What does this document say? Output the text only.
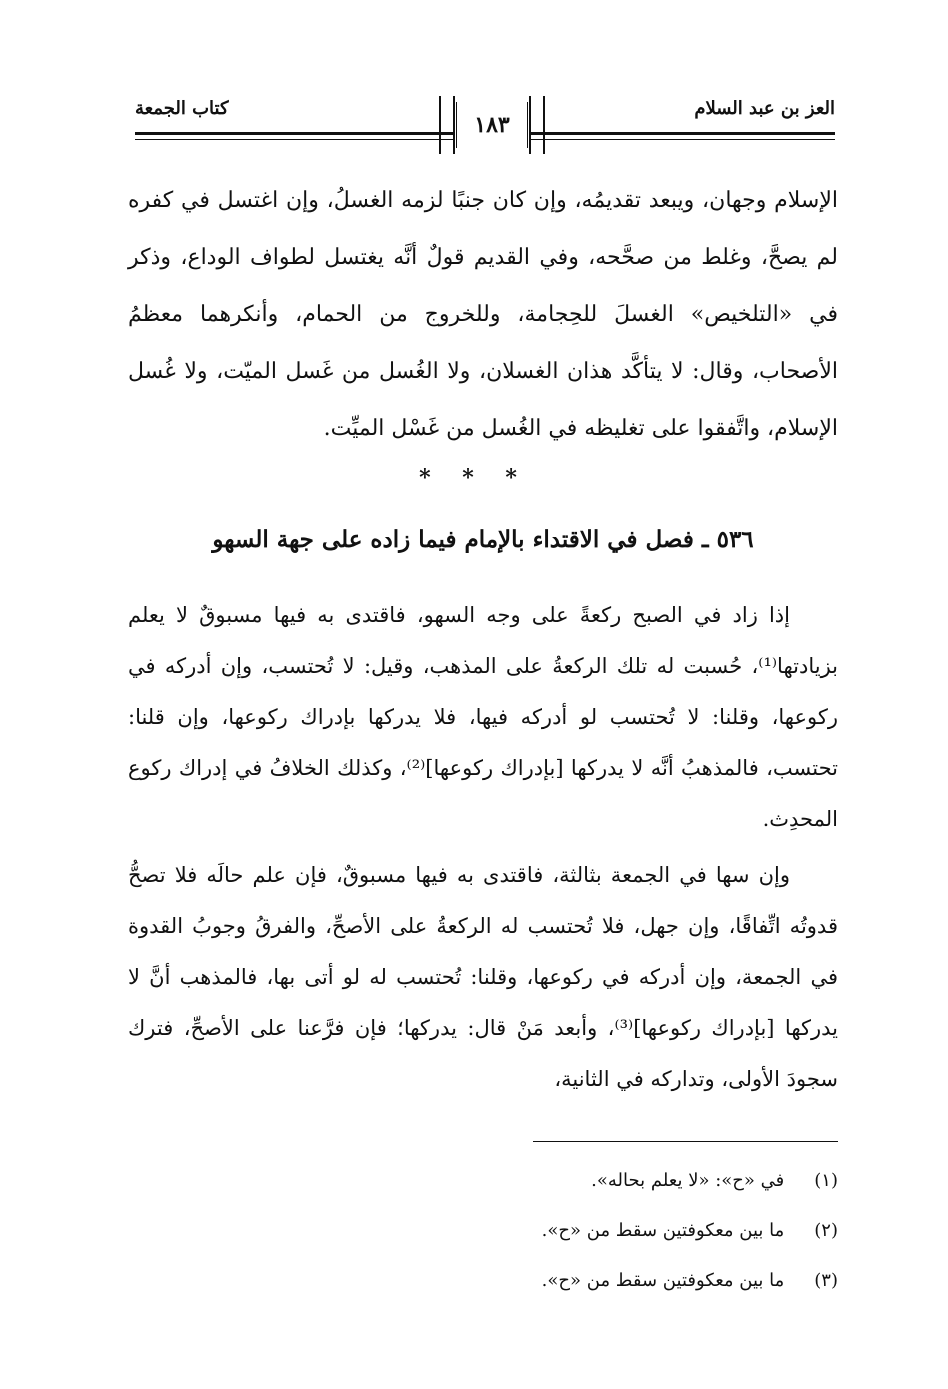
كتاب الجمعة	العز بن عبد السلام
١٨٣

الإسلام وجهان، ويبعد تقديمُه، وإن كان جنبًا لزمه الغسلُ، وإن اغتسل في كفره لم يصحَّ، وغلط من صحَّحه، وفي القديم قولٌ أنَّه يغتسل لطواف الوداع، وذكر في «التلخيص» الغسلَ للحِجامة، وللخروج من الحمام، وأنكرهما معظمُ الأصحاب، وقال: لا يتأكَّد هذان الغسلان، ولا الغُسل من غَسل الميّت، ولا غُسل الإسلام، واتَّفقوا على تغليظه في الغُسل من غَسْل الميِّت.

* * *
٥٣٦ ـ فصل في الاقتداء بالإمام فيما زاده على جهة السهو

إذا زاد في الصبح ركعةً على وجه السهو، فاقتدى به فيها مسبوقٌ لا يعلم بزيادتها⁽¹⁾، حُسبت له تلك الركعةُ على المذهب، وقيل: لا تُحتسب، وإن أدركه في ركوعها، وقلنا: لا تُحتسب لو أدركه فيها، فلا يدركها بإدراك ركوعها، وإن قلنا: تحتسب، فالمذهبُ أنَّه لا يدركها [بإدراك ركوعها]⁽²⁾، وكذلك الخلافُ في إدراك ركوع المحدِث.

وإن سها في الجمعة بثالثة، فاقتدى به فيها مسبوقٌ، فإن علم حالَه فلا تصحُّ قدوتُه اتِّفاقًا، وإن جهل، فلا تُحتسب له الركعةُ على الأصحِّ، والفرقُ وجوبُ القدوة في الجمعة، وإن أدركه في ركوعها، وقلنا: تُحتسب له لو أتى بها، فالمذهب أنَّ لا يدركها [بإدراك ركوعها]⁽³⁾، وأبعد مَنْ قال: يدركها؛ فإن فرَّعنا على الأصحِّ، فترك سجودَ الأولى، وتداركه في الثانية،

(١) في «ح»: «لا يعلم بحاله».
(٢) ما بين معكوفتين سقط من «ح».
(٣) ما بين معكوفتين سقط من «ح».
